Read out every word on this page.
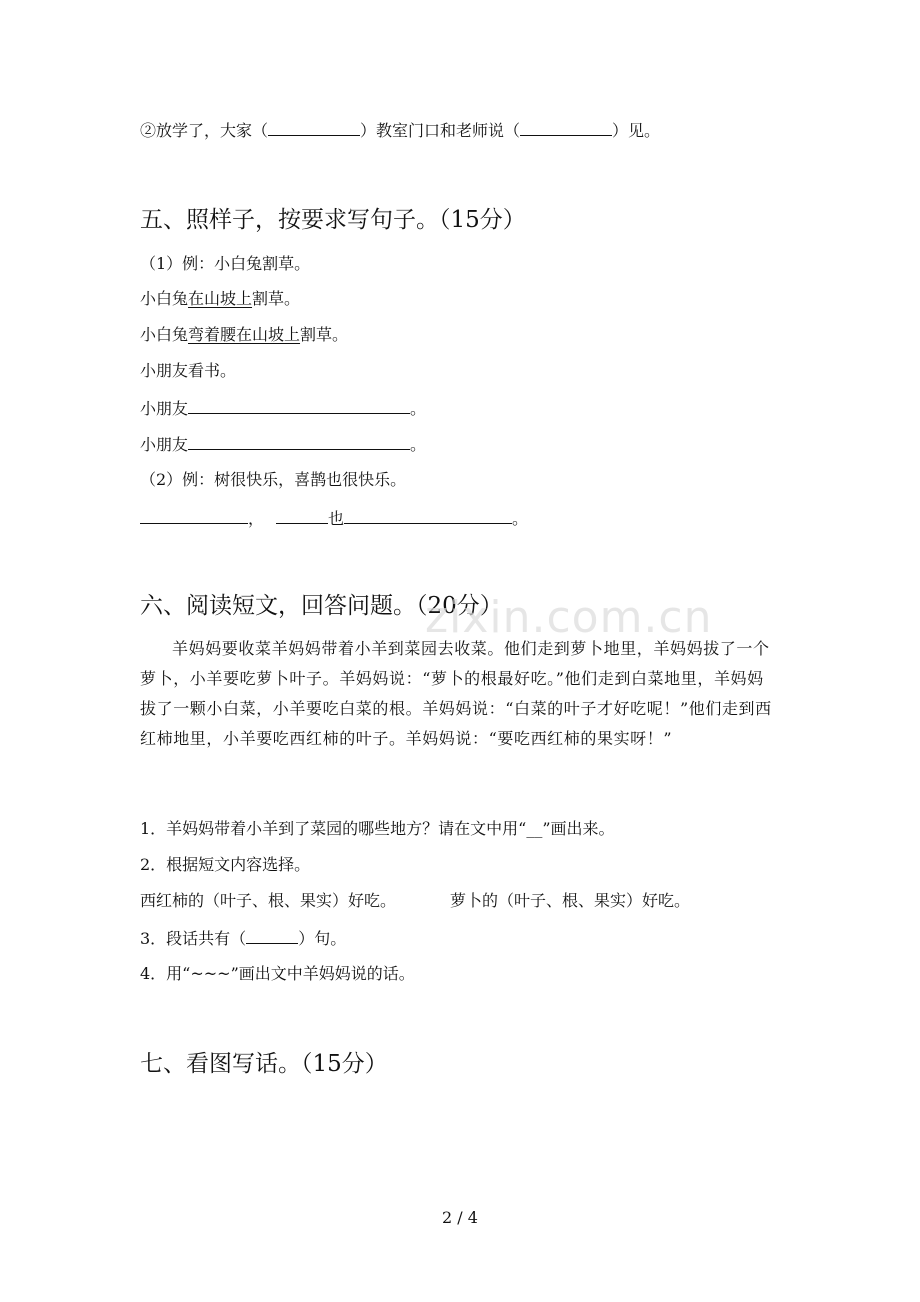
②放学了，大家（	）教室门口和老师说（	）见。
五、照样子，按要求写句子。（15分）
（1）例：小白兔割草。
小白兔在山坡上割草。
小白兔弯着腰在山坡上割草。
小朋友看书。
小朋友	。
小朋友	。
（2）例：树很快乐，喜鹊也很快乐。
，	也	。
六、阅读短文，回答问题。（20分）
zixin.com.cn

羊妈妈要收菜羊妈妈带着小羊到菜园去收菜。他们走到萝卜地里，羊妈妈拔了一个萝卜，小羊要吃萝卜叶子。羊妈妈说：“萝卜的根最好吃。”他们走到白菜地里，羊妈妈拔了一颗小白菜，小羊要吃白菜的根。羊妈妈说：“白菜的叶子才好吃呢！”他们走到西红柿地里，小羊要吃西红柿的叶子。羊妈妈说：“要吃西红柿的果实呀！”

1．羊妈妈带着小羊到了菜园的哪些地方？请在文中用“__”画出来。
2．根据短文内容选择。
西红柿的（叶子、根、果实）好吃。	萝卜的（叶子、根、果实）好吃。
3．段话共有（	）句。
4．用“~~~”画出文中羊妈妈说的话。
七、看图写话。（15分）
2 / 4
